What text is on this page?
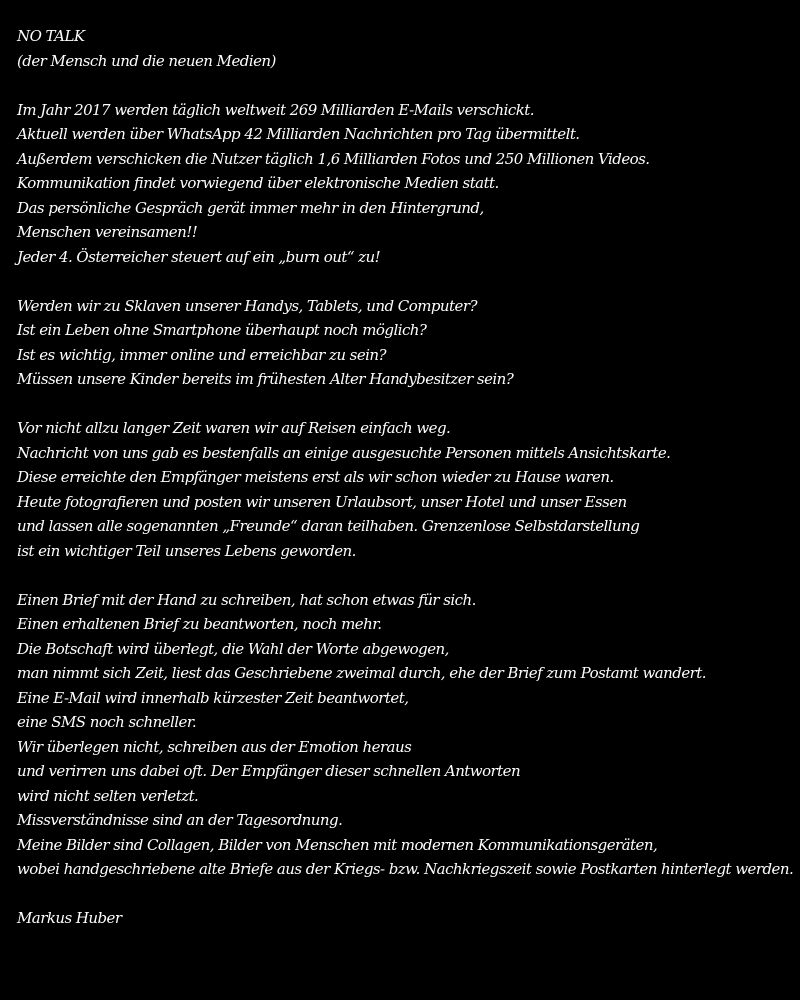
NO TALK
(der Mensch und die neuen Medien)
Im Jahr 2017 werden täglich weltweit 269 Milliarden E-Mails verschickt.
Aktuell werden über WhatsApp 42 Milliarden Nachrichten pro Tag übermittelt.
Außerdem verschicken die Nutzer täglich 1,6 Milliarden Fotos und 250 Millionen Videos.
Kommunikation findet vorwiegend über elektronische Medien statt.
Das persönliche Gespräch gerät immer mehr in den Hintergrund,
Menschen vereinsamen!!
Jeder 4. Österreicher steuert auf ein „burn out“ zu!
Werden wir zu Sklaven unserer Handys, Tablets, und Computer?
Ist ein Leben ohne Smartphone überhaupt noch möglich?
Ist es wichtig, immer online und erreichbar zu sein?
Müssen unsere Kinder bereits im frühesten Alter Handybesitzer sein?
Vor nicht allzu langer Zeit waren wir auf Reisen einfach weg.
Nachricht von uns gab es bestenfalls an einige ausgesuchte Personen mittels Ansichtskarte.
Diese erreichte den Empfänger meistens erst als wir schon wieder zu Hause waren.
Heute fotografieren und posten wir unseren Urlaubsort, unser Hotel und unser Essen
und lassen alle sogenannten „Freunde“ daran teilhaben. Grenzenlose Selbstdarstellung
ist ein wichtiger Teil unseres Lebens geworden.
Einen Brief mit der Hand zu schreiben, hat schon etwas für sich.
Einen erhaltenen Brief zu beantworten, noch mehr.
Die Botschaft wird überlegt, die Wahl der Worte abgewogen,
man nimmt sich Zeit, liest das Geschriebene zweimal durch, ehe der Brief zum Postamt wandert.
Eine E-Mail wird innerhalb kürzester Zeit beantwortet,
eine SMS noch schneller.
Wir überlegen nicht, schreiben aus der Emotion heraus
und verirren uns dabei oft. Der Empfänger dieser schnellen Antworten
wird nicht selten verletzt.
Missverständnisse sind an der Tagesordnung.
Meine Bilder sind Collagen, Bilder von Menschen mit modernen Kommunikationsgeräten,
wobei handgeschriebene alte Briefe aus der Kriegs- bzw. Nachkriegszeit sowie Postkarten hinterlegt werden.
Markus Huber
